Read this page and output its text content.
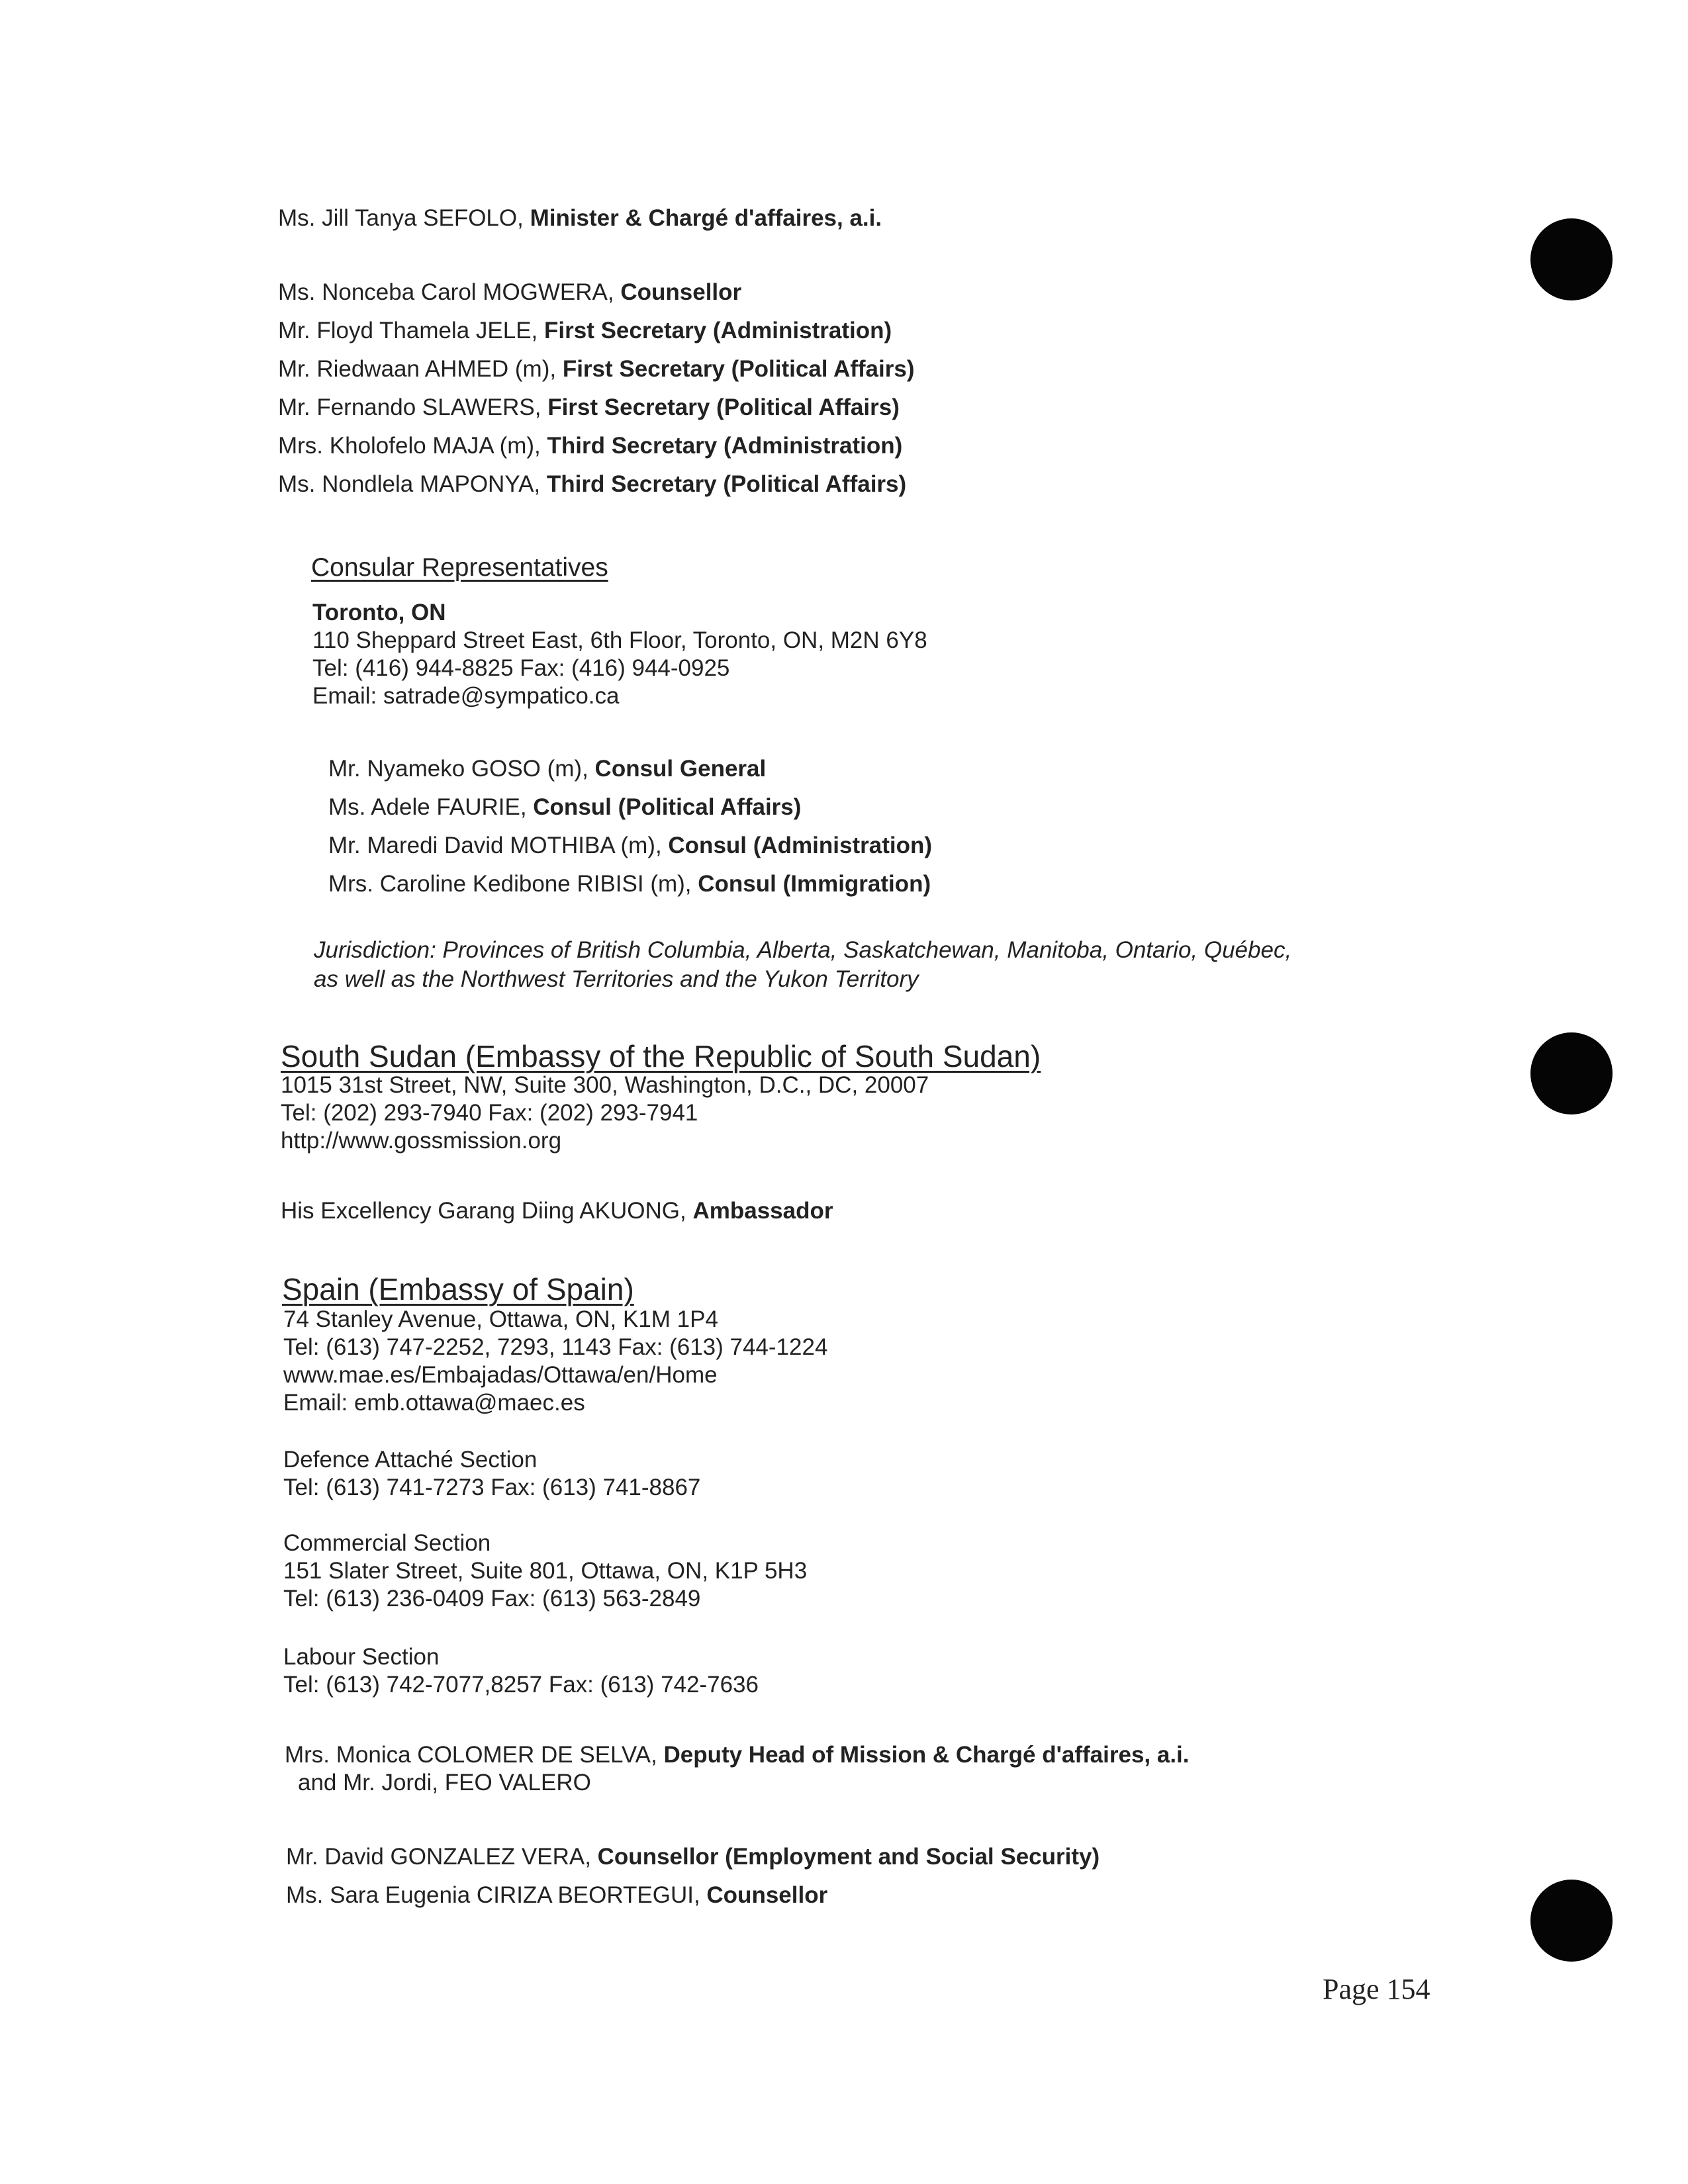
Ms. Jill Tanya SEFOLO, Minister & Chargé d'affaires, a.i.
Ms. Nonceba Carol MOGWERA, Counsellor
Mr. Floyd Thamela JELE, First Secretary (Administration)
Mr. Riedwaan AHMED (m), First Secretary (Political Affairs)
Mr. Fernando SLAWERS, First Secretary (Political Affairs)
Mrs. Kholofelo MAJA (m), Third Secretary (Administration)
Ms. Nondlela MAPONYA, Third Secretary (Political Affairs)
Consular Representatives
Toronto, ON
110 Sheppard Street East, 6th Floor, Toronto, ON, M2N 6Y8
Tel: (416) 944-8825 Fax: (416) 944-0925
Email: satrade@sympatico.ca
Mr. Nyameko GOSO (m), Consul General
Ms. Adele FAURIE, Consul (Political Affairs)
Mr. Maredi David MOTHIBA (m), Consul (Administration)
Mrs. Caroline Kedibone RIBISI (m), Consul (Immigration)
Jurisdiction: Provinces of British Columbia, Alberta, Saskatchewan, Manitoba, Ontario, Québec,
as well as the Northwest Territories and the Yukon Territory
South Sudan (Embassy of the Republic of South Sudan)
1015 31st Street, NW, Suite 300, Washington, D.C., DC, 20007
Tel: (202) 293-7940 Fax: (202) 293-7941
http://www.gossmission.org
His Excellency Garang Diing AKUONG, Ambassador
Spain (Embassy of Spain)
74 Stanley Avenue, Ottawa, ON, K1M 1P4
Tel: (613) 747-2252, 7293, 1143 Fax: (613) 744-1224
www.mae.es/Embajadas/Ottawa/en/Home
Email: emb.ottawa@maec.es
Defence Attaché Section
Tel: (613) 741-7273 Fax: (613) 741-8867
Commercial Section
151 Slater Street, Suite 801, Ottawa, ON, K1P 5H3
Tel: (613) 236-0409 Fax: (613) 563-2849
Labour Section
Tel: (613) 742-7077,8257 Fax: (613) 742-7636
Mrs. Monica COLOMER DE SELVA, Deputy Head of Mission & Chargé d'affaires, a.i.
and Mr. Jordi, FEO VALERO
Mr. David GONZALEZ VERA, Counsellor (Employment and Social Security)
Ms. Sara Eugenia CIRIZA BEORTEGUI, Counsellor
Page 154
